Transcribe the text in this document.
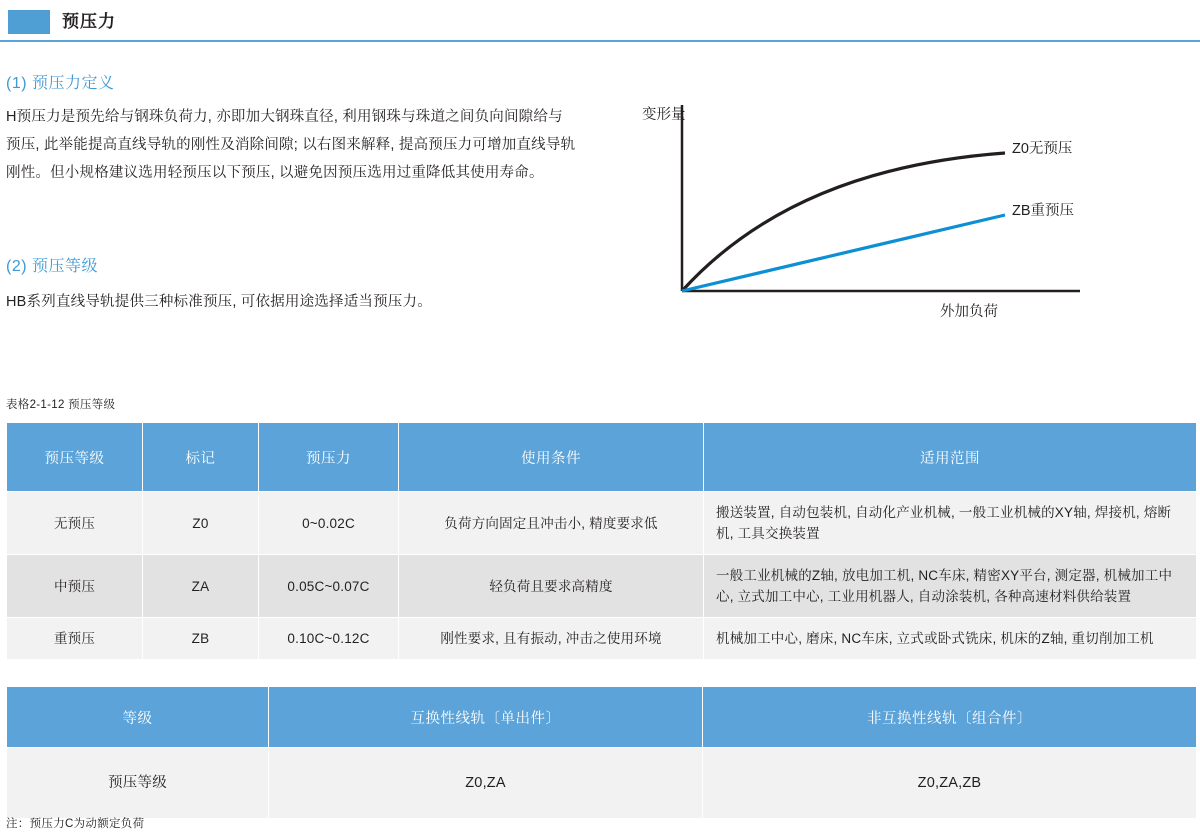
预压力
(1) 预压力定义
H预压力是预先给与钢珠负荷力, 亦即加大钢珠直径, 利用钢珠与珠道之间负向间隙给与预压, 此举能提高直线导轨的刚性及消除间隙; 以右图来解释, 提高预压力可增加直线导轨刚性。但小规格建议选用轻预压以下预压, 以避免因预压选用过重降低其使用寿命。
(2) 预压等级
HB系列直线导轨提供三种标准预压, 可依据用途选择适当预压力。
变形量
外加负荷
Z0无预压
ZB重预压
表格2-1-12 预压等级
预压等级	标记	预压力	使用条件	适用范围
无预压	Z0	0~0.02C	负荷方向固定且冲击小, 精度要求低	搬送装置, 自动包装机, 自动化产业机械, 一般工业机械的XY轴, 焊接机, 熔断机, 工具交换装置
中预压	ZA	0.05C~0.07C	轻负荷且要求高精度	一般工业机械的Z轴, 放电加工机, NC车床, 精密XY平台, 测定器, 机械加工中心, 立式加工中心, 工业用机器人, 自动涂装机, 各种高速材料供给装置
重预压	ZB	0.10C~0.12C	刚性要求, 且有振动, 冲击之使用环境	机械加工中心, 磨床, NC车床, 立式或卧式铣床, 机床的Z轴, 重切削加工机
等级	互换性线轨〔单出件〕	非互换性线轨〔组合件〕
预压等级	Z0,ZA	Z0,ZA,ZB
注：预压力C为动额定负荷
